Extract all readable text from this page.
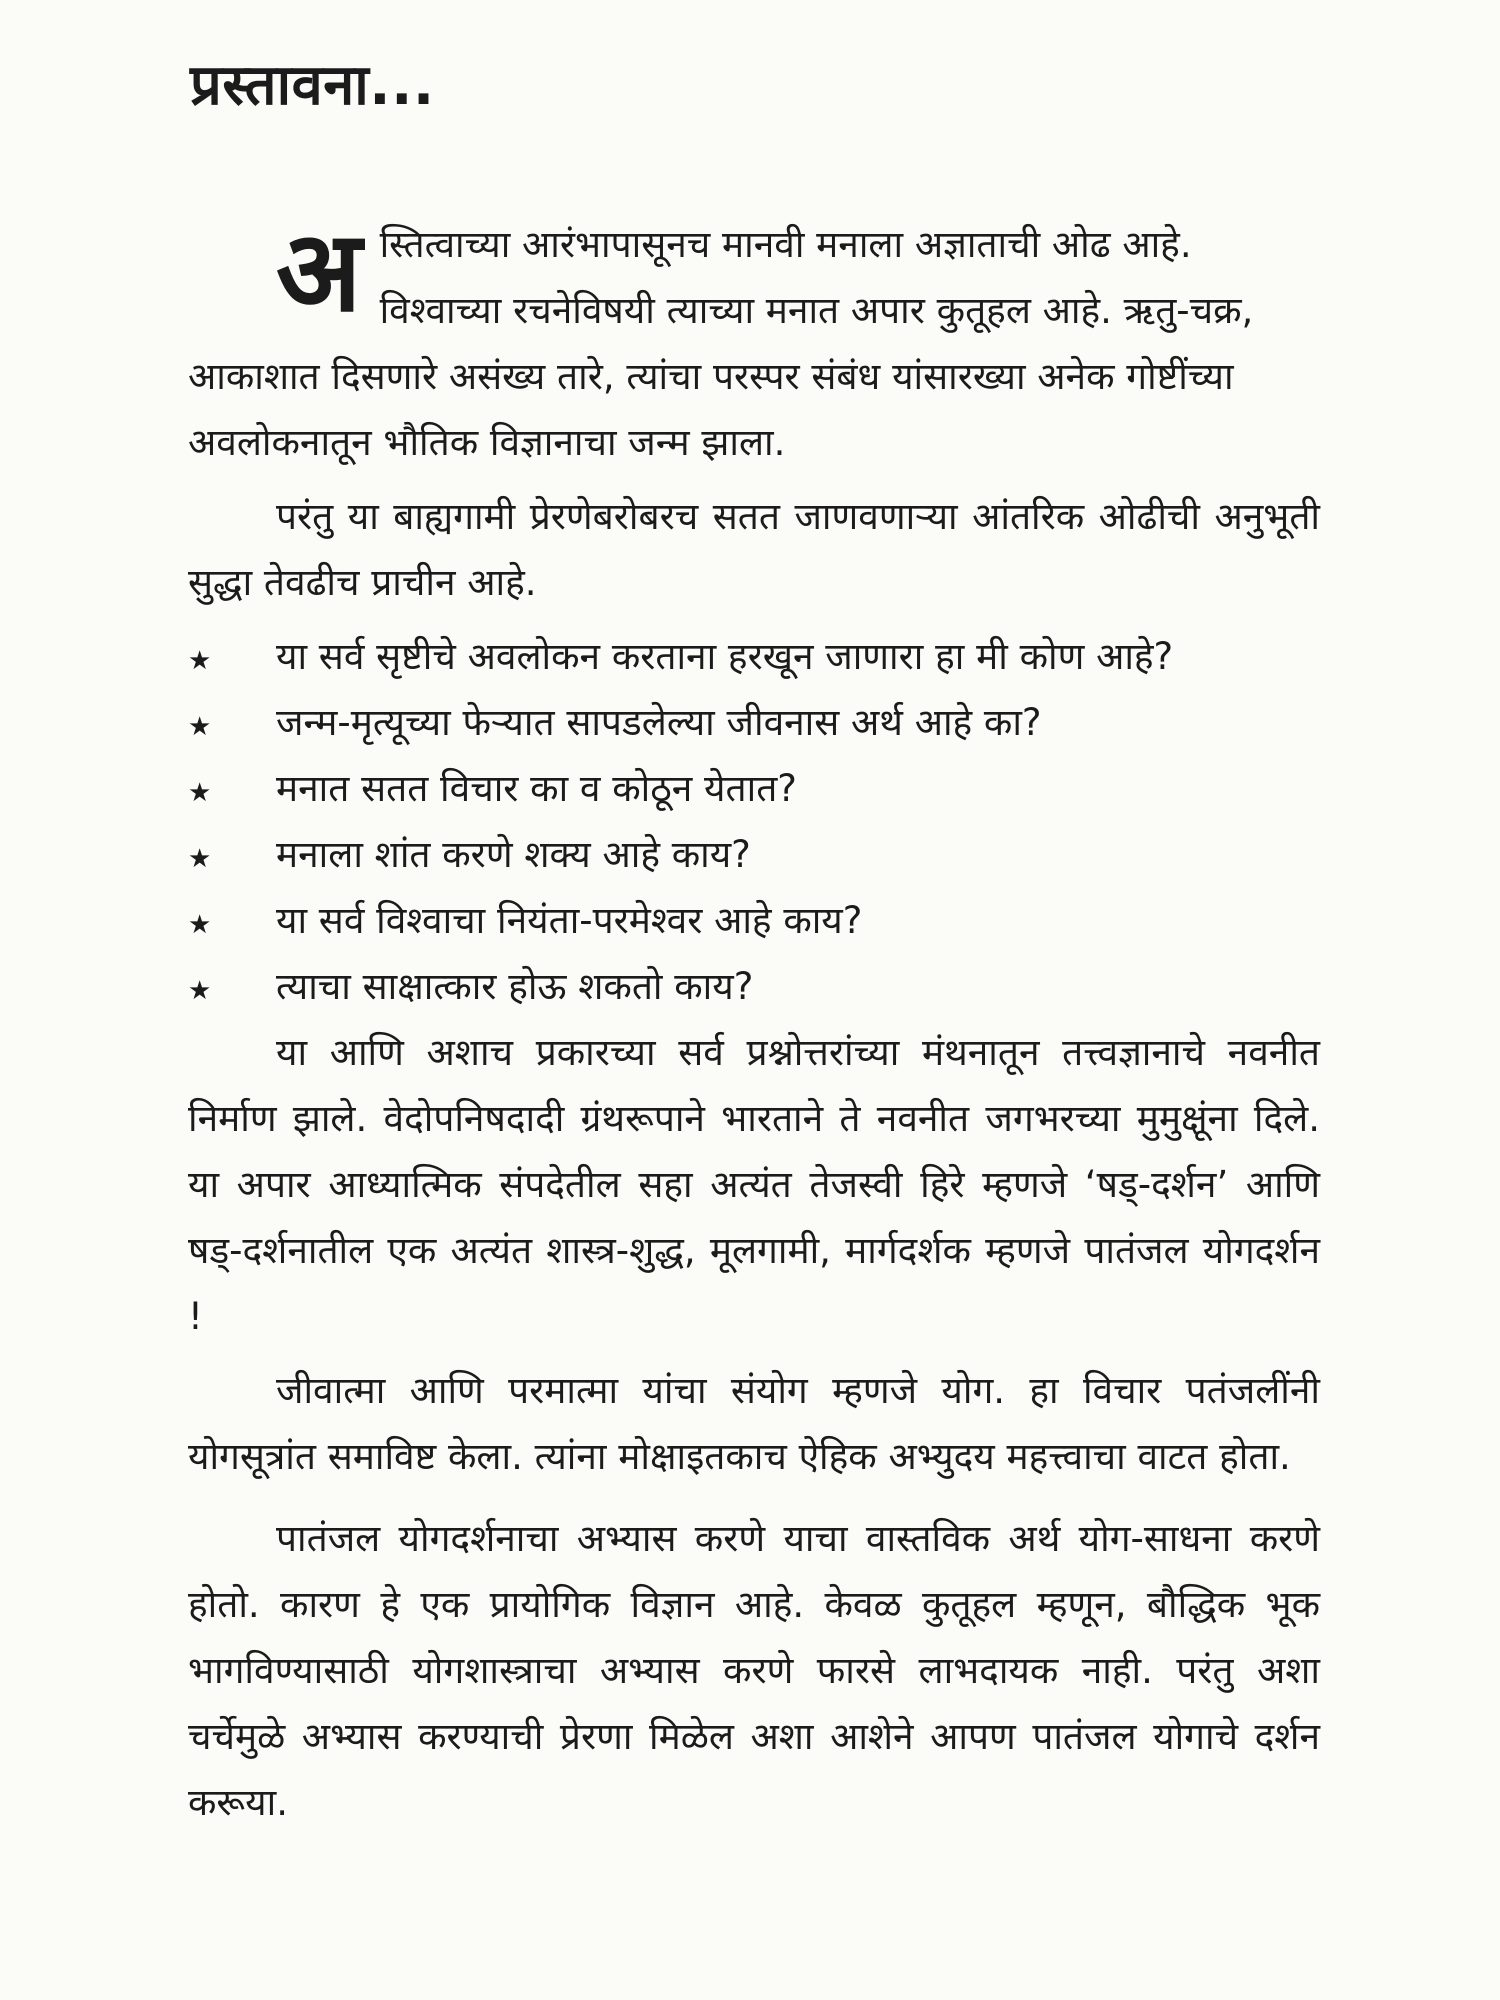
प्रस्तावना...

अ स्तित्वाच्या आरंभापासूनच मानवी मनाला अज्ञाताची ओढ आहे. विश्वाच्या रचनेविषयी त्याच्या मनात अपार कुतूहल आहे. ऋतु-चक्र, आकाशात दिसणारे असंख्य तारे, त्यांचा परस्पर संबंध यांसारख्या अनेक गोष्टींच्या अवलोकनातून भौतिक विज्ञानाचा जन्म झाला.

परंतु या बाह्यगामी प्रेरणेबरोबरच सतत जाणवणाऱ्या आंतरिक ओढीची अनुभूती सुद्धा तेवढीच प्राचीन आहे.

★	या सर्व सृष्टीचे अवलोकन करताना हरखून जाणारा हा मी कोण आहे?
★	जन्म-मृत्यूच्या फेऱ्यात सापडलेल्या जीवनास अर्थ आहे का?
★	मनात सतत विचार का व कोठून येतात?
★	मनाला शांत करणे शक्य आहे काय?
★	या सर्व विश्वाचा नियंता-परमेश्वर आहे काय?
★	त्याचा साक्षात्कार होऊ शकतो काय?

या आणि अशाच प्रकारच्या सर्व प्रश्नोत्तरांच्या मंथनातून तत्त्वज्ञानाचे नवनीत निर्माण झाले. वेदोपनिषदादी ग्रंथरूपाने भारताने ते नवनीत जगभरच्या मुमुक्षूंना दिले. या अपार आध्यात्मिक संपदेतील सहा अत्यंत तेजस्वी हिरे म्हणजे ‘षड्-दर्शन’ आणि षड्-दर्शनातील एक अत्यंत शास्त्र-शुद्ध, मूलगामी, मार्गदर्शक म्हणजे पातंजल योगदर्शन !

जीवात्मा आणि परमात्मा यांचा संयोग म्हणजे योग. हा विचार पतंजलींनी योगसूत्रांत समाविष्ट केला. त्यांना मोक्षाइतकाच ऐहिक अभ्युदय महत्त्वाचा वाटत होता.

पातंजल योगदर्शनाचा अभ्यास करणे याचा वास्तविक अर्थ योग-साधना करणे होतो. कारण हे एक प्रायोगिक विज्ञान आहे. केवळ कुतूहल म्हणून, बौद्धिक भूक भागविण्यासाठी योगशास्त्राचा अभ्यास करणे फारसे लाभदायक नाही. परंतु अशा चर्चेमुळे अभ्यास करण्याची प्रेरणा मिळेल अशा आशेने आपण पातंजल योगाचे दर्शन करूया.
